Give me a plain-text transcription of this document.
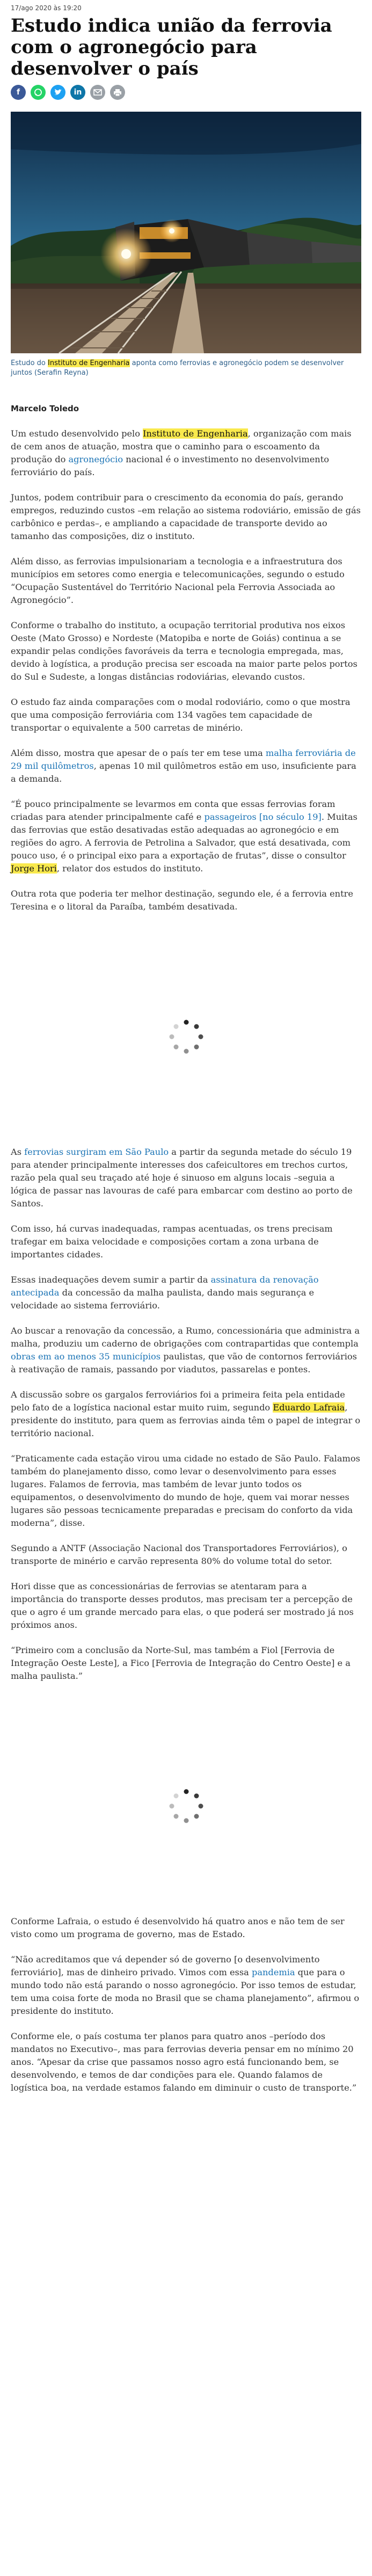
17/ago 2020 às 19:20
Estudo indica união da ferrovia com o agronegócio para desenvolver o país
f	in
Estudo do Instituto de Engenharia aponta como ferrovias e agronegócio podem se desenvolver juntos (Serafin Reyna)
Marcelo Toledo

Um estudo desenvolvido pelo Instituto de Engenharia, organização com mais de cem anos de atuação, mostra que o caminho para o escoamento da produção do agronegócio nacional é o investimento no desenvolvimento ferroviário do país.

Juntos, podem contribuir para o crescimento da economia do país, gerando empregos, reduzindo custos –em relação ao sistema rodoviário, emissão de gás carbônico e perdas–, e ampliando a capacidade de transporte devido ao tamanho das composições, diz o instituto.

Além disso, as ferrovias impulsionariam a tecnologia e a infraestrutura dos municípios em setores como energia e telecomunicações, segundo o estudo “Ocupação Sustentável do Território Nacional pela Ferrovia Associada ao Agronegócio”.

Conforme o trabalho do instituto, a ocupação territorial produtiva nos eixos Oeste (Mato Grosso) e Nordeste (Matopiba e norte de Goiás) continua a se expandir pelas condições favoráveis da terra e tecnologia empregada, mas, devido à logística, a produção precisa ser escoada na maior parte pelos portos do Sul e Sudeste, a longas distâncias rodoviárias, elevando custos.

O estudo faz ainda comparações com o modal rodoviário, como o que mostra que uma composição ferroviária com 134 vagões tem capacidade de transportar o equivalente a 500 carretas de minério.

Além disso, mostra que apesar de o país ter em tese uma malha ferroviária de 29 mil quilômetros, apenas 10 mil quilômetros estão em uso, insuficiente para a demanda.

“É pouco principalmente se levarmos em conta que essas ferrovias foram criadas para atender principalmente café e passageiros [no século 19]. Muitas das ferrovias que estão desativadas estão adequadas ao agronegócio e em regiões do agro. A ferrovia de Petrolina a Salvador, que está desativada, com pouco uso, é o principal eixo para a exportação de frutas”, disse o consultor Jorge Hori, relator dos estudos do instituto.

Outra rota que poderia ter melhor destinação, segundo ele, é a ferrovia entre Teresina e o litoral da Paraíba, também desativada.

As ferrovias surgiram em São Paulo a partir da segunda metade do século 19 para atender principalmente interesses dos cafeicultores em trechos curtos, razão pela qual seu traçado até hoje é sinuoso em alguns locais –seguia a lógica de passar nas lavouras de café para embarcar com destino ao porto de Santos.

Com isso, há curvas inadequadas, rampas acentuadas, os trens precisam trafegar em baixa velocidade e composições cortam a zona urbana de importantes cidades.

Essas inadequações devem sumir a partir da assinatura da renovação antecipada da concessão da malha paulista, dando mais segurança e velocidade ao sistema ferroviário.

Ao buscar a renovação da concessão, a Rumo, concessionária que administra a malha, produziu um caderno de obrigações com contrapartidas que contempla obras em ao menos 35 municípios paulistas, que vão de contornos ferroviários à reativação de ramais, passando por viadutos, passarelas e pontes.

A discussão sobre os gargalos ferroviários foi a primeira feita pela entidade pelo fato de a logística nacional estar muito ruim, segundo Eduardo Lafraia, presidente do instituto, para quem as ferrovias ainda têm o papel de integrar o território nacional.

“Praticamente cada estação virou uma cidade no estado de São Paulo. Falamos também do planejamento disso, como levar o desenvolvimento para esses lugares. Falamos de ferrovia, mas também de levar junto todos os equipamentos, o desenvolvimento do mundo de hoje, quem vai morar nesses lugares são pessoas tecnicamente preparadas e precisam do conforto da vida moderna”, disse.

Segundo a ANTF (Associação Nacional dos Transportadores Ferroviários), o transporte de minério e carvão representa 80% do volume total do setor.

Hori disse que as concessionárias de ferrovias se atentaram para a importância do transporte desses produtos, mas precisam ter a percepção de que o agro é um grande mercado para elas, o que poderá ser mostrado já nos próximos anos.

“Primeiro com a conclusão da Norte-Sul, mas também a Fiol [Ferrovia de Integração Oeste Leste], a Fico [Ferrovia de Integração do Centro Oeste] e a malha paulista.”

Conforme Lafraia, o estudo é desenvolvido há quatro anos e não tem de ser visto como um programa de governo, mas de Estado.

“Não acreditamos que vá depender só de governo [o desenvolvimento ferroviário], mas de dinheiro privado. Vimos com essa pandemia que para o mundo todo não está parando o nosso agronegócio. Por isso temos de estudar, tem uma coisa forte de moda no Brasil que se chama planejamento”, afirmou o presidente do instituto.

Conforme ele, o país costuma ter planos para quatro anos –período dos mandatos no Executivo–, mas para ferrovias deveria pensar em no mínimo 20 anos. “Apesar da crise que passamos nosso agro está funcionando bem, se desenvolvendo, e temos de dar condições para ele. Quando falamos de logística boa, na verdade estamos falando em diminuir o custo de transporte.”
